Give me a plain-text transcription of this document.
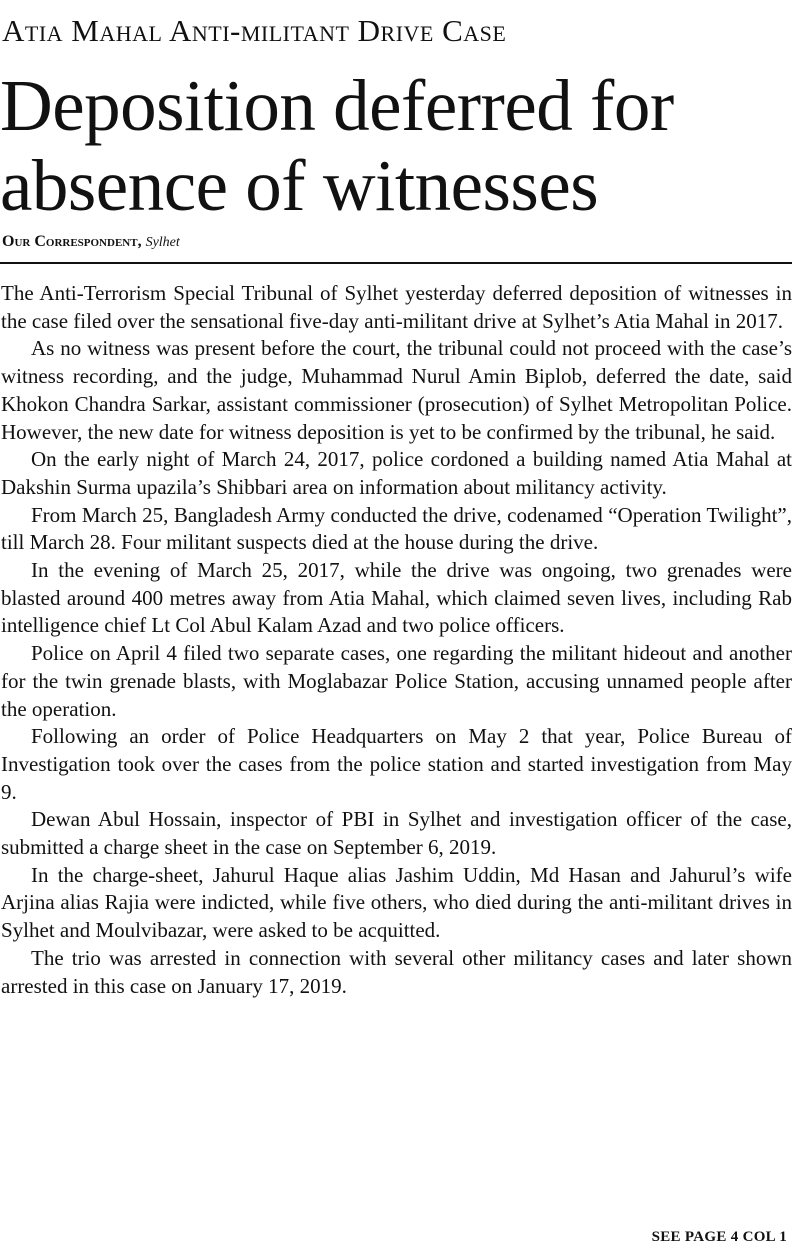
Atia Mahal Anti-militant Drive Case
Deposition deferred for absence of witnesses
Our Correspondent, Sylhet

The Anti-Terrorism Special Tribunal of Sylhet yesterday deferred deposition of witnesses in the case filed over the sensational five-day anti-militant drive at Sylhet’s Atia Mahal in 2017.

As no witness was present before the court, the tribunal could not proceed with the case’s witness recording, and the judge, Muhammad Nurul Amin Biplob, deferred the date, said Khokon Chandra Sarkar, assistant commissioner (prosecution) of Sylhet Metropolitan Police. However, the new date for witness deposition is yet to be confirmed by the tribunal, he said.

On the early night of March 24, 2017, police cordoned a building named Atia Mahal at Dakshin Surma upazila’s Shibbari area on information about militancy activity.

From March 25, Bangladesh Army conducted the drive, codenamed “Operation Twilight”, till March 28. Four militant suspects died at the house during the drive.

In the evening of March 25, 2017, while the drive was ongoing, two grenades were blasted around 400 metres away from Atia Mahal, which claimed seven lives, including Rab intelligence chief Lt Col Abul Kalam Azad and two police officers.

Police on April 4 filed two separate cases, one regarding the militant hideout and another for the twin grenade blasts, with Moglabazar Police Station, accusing unnamed people after the operation.

Following an order of Police Headquarters on May 2 that year, Police Bureau of Investigation took over the cases from the police station and started investigation from May 9.

Dewan Abul Hossain, inspector of PBI in Sylhet and investigation officer of the case, submitted a charge sheet in the case on September 6, 2019.

In the charge-sheet, Jahurul Haque alias Jashim Uddin, Md Hasan and Jahurul’s wife Arjina alias Rajia were indicted, while five others, who died during the anti-militant drives in Sylhet and Moulvibazar, were asked to be acquitted.

The trio was arrested in connection with several other militancy cases and later shown arrested in this case on January 17, 2019.

SEE PAGE 4 COL 1
